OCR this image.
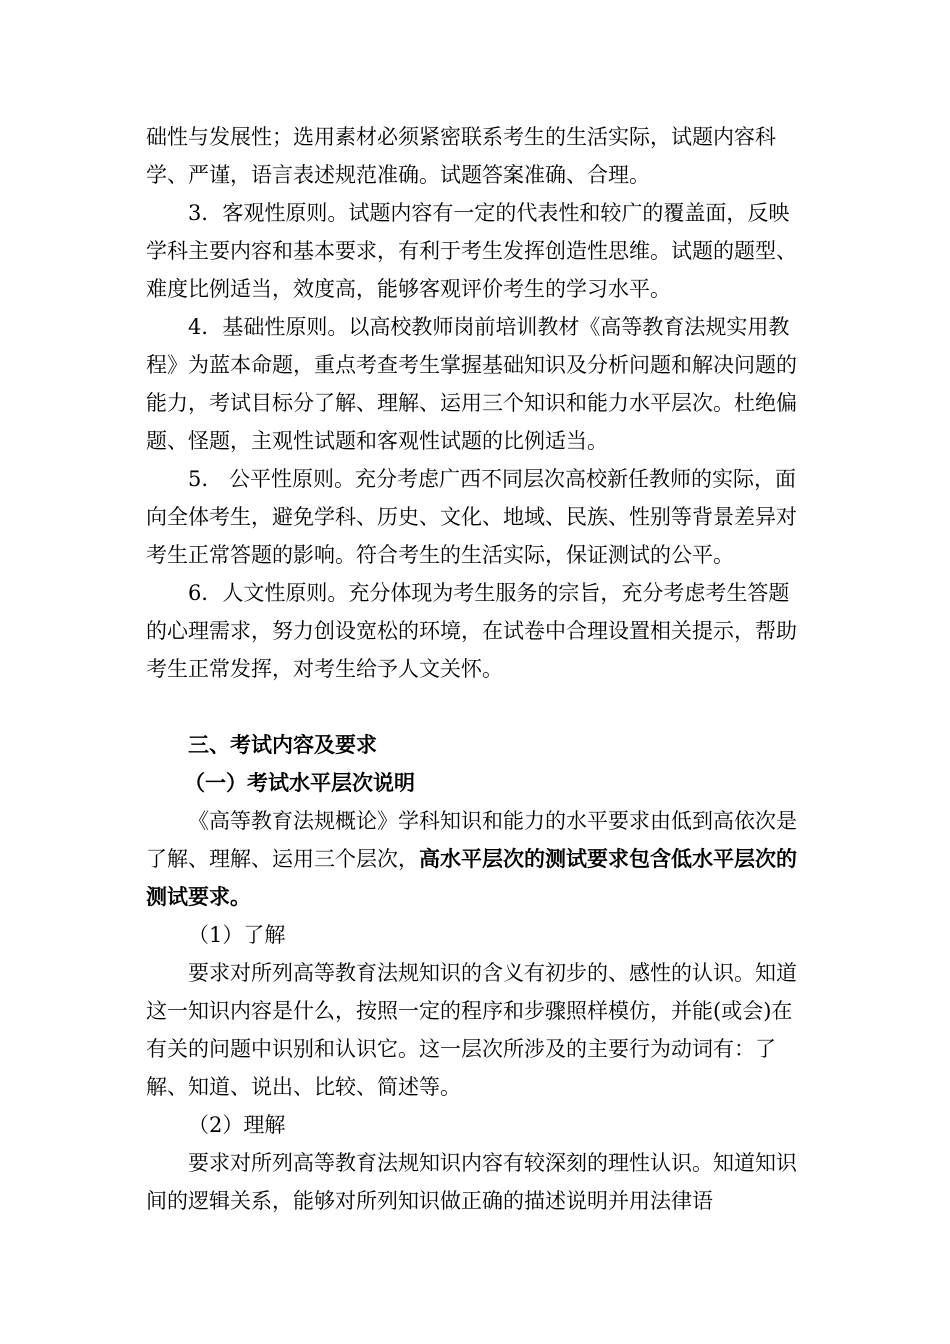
础性与发展性；选用素材必须紧密联系考生的生活实际，试题内容科学、严谨，语言表述规范准确。试题答案准确、合理。

3．客观性原则。试题内容有一定的代表性和较广的覆盖面，反映学科主要内容和基本要求，有利于考生发挥创造性思维。试题的题型、难度比例适当，效度高，能够客观评价考生的学习水平。

4．基础性原则。以高校教师岗前培训教材《高等教育法规实用教程》为蓝本命题，重点考查考生掌握基础知识及分析问题和解决问题的能力，考试目标分了解、理解、运用三个知识和能力水平层次。杜绝偏题、怪题，主观性试题和客观性试题的比例适当。

5.　公平性原则。充分考虑广西不同层次高校新任教师的实际，面向全体考生，避免学科、历史、文化、地域、民族、性别等背景差异对考生正常答题的影响。符合考生的生活实际，保证测试的公平。

6．人文性原则。充分体现为考生服务的宗旨，充分考虑考生答题的心理需求，努力创设宽松的环境，在试卷中合理设置相关提示，帮助考生正常发挥，对考生给予人文关怀。

三、考试内容及要求

（一）考试水平层次说明

《高等教育法规概论》学科知识和能力的水平要求由低到高依次是了解、理解、运用三个层次，高水平层次的测试要求包含低水平层次的测试要求。

（1）了解

要求对所列高等教育法规知识的含义有初步的、感性的认识。知道这一知识内容是什么，按照一定的程序和步骤照样模仿，并能(或会)在有关的问题中识别和认识它。这一层次所涉及的主要行为动词有：了解、知道、说出、比较、简述等。

（2）理解

要求对所列高等教育法规知识内容有较深刻的理性认识。知道知识间的逻辑关系，能够对所列知识做正确的描述说明并用法律语
